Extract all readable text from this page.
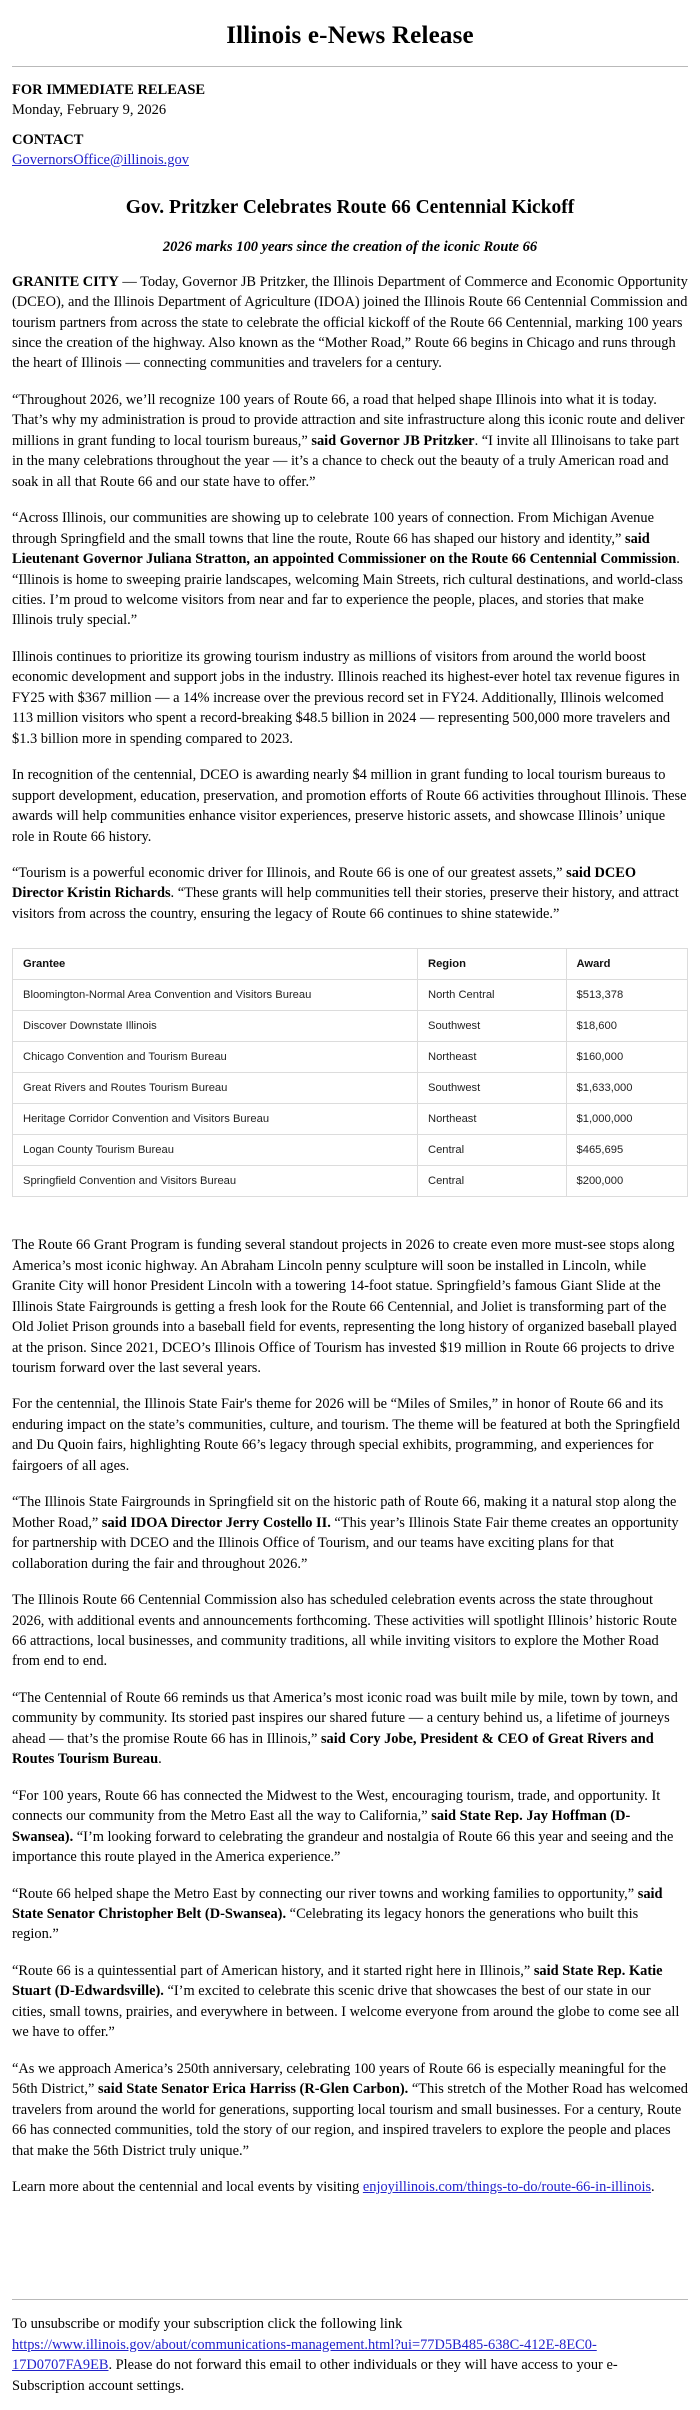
Illinois e-News Release
FOR IMMEDIATE RELEASE
Monday, February 9, 2026
CONTACT
GovernorsOffice@illinois.gov
Gov. Pritzker Celebrates Route 66 Centennial Kickoff

2026 marks 100 years since the creation of the iconic Route 66

GRANITE CITY — Today, Governor JB Pritzker, the Illinois Department of Commerce and Economic Opportunity (DCEO), and the Illinois Department of Agriculture (IDOA) joined the Illinois Route 66 Centennial Commission and tourism partners from across the state to celebrate the official kickoff of the Route 66 Centennial, marking 100 years since the creation of the highway. Also known as the “Mother Road,” Route 66 begins in Chicago and runs through the heart of Illinois — connecting communities and travelers for a century.

“Throughout 2026, we’ll recognize 100 years of Route 66, a road that helped shape Illinois into what it is today. That’s why my administration is proud to provide attraction and site infrastructure along this iconic route and deliver millions in grant funding to local tourism bureaus,” said Governor JB Pritzker. “I invite all Illinoisans to take part in the many celebrations throughout the year — it’s a chance to check out the beauty of a truly American road and soak in all that Route 66 and our state have to offer.”

“Across Illinois, our communities are showing up to celebrate 100 years of connection. From Michigan Avenue through Springfield and the small towns that line the route, Route 66 has shaped our history and identity,” said Lieutenant Governor Juliana Stratton, an appointed Commissioner on the Route 66 Centennial Commission. “Illinois is home to sweeping prairie landscapes, welcoming Main Streets, rich cultural destinations, and world-class cities. I’m proud to welcome visitors from near and far to experience the people, places, and stories that make Illinois truly special.”

Illinois continues to prioritize its growing tourism industry as millions of visitors from around the world boost economic development and support jobs in the industry. Illinois reached its highest-ever hotel tax revenue figures in FY25 with $367 million — a 14% increase over the previous record set in FY24. Additionally, Illinois welcomed 113 million visitors who spent a record-breaking $48.5 billion in 2024 — representing 500,000 more travelers and $1.3 billion more in spending compared to 2023.

In recognition of the centennial, DCEO is awarding nearly $4 million in grant funding to local tourism bureaus to support development, education, preservation, and promotion efforts of Route 66 activities throughout Illinois. These awards will help communities enhance visitor experiences, preserve historic assets, and showcase Illinois’ unique role in Route 66 history.

“Tourism is a powerful economic driver for Illinois, and Route 66 is one of our greatest assets,” said DCEO Director Kristin Richards. “These grants will help communities tell their stories, preserve their history, and attract visitors from across the country, ensuring the legacy of Route 66 continues to shine statewide.”

Grantee	Region	Award
Bloomington-Normal Area Convention and Visitors Bureau	North Central	$513,378
Discover Downstate Illinois	Southwest	$18,600
Chicago Convention and Tourism Bureau	Northeast	$160,000
Great Rivers and Routes Tourism Bureau	Southwest	$1,633,000
Heritage Corridor Convention and Visitors Bureau	Northeast	$1,000,000
Logan County Tourism Bureau	Central	$465,695
Springfield Convention and Visitors Bureau	Central	$200,000

The Route 66 Grant Program is funding several standout projects in 2026 to create even more must-see stops along America’s most iconic highway. An Abraham Lincoln penny sculpture will soon be installed in Lincoln, while Granite City will honor President Lincoln with a towering 14-foot statue. Springfield’s famous Giant Slide at the Illinois State Fairgrounds is getting a fresh look for the Route 66 Centennial, and Joliet is transforming part of the Old Joliet Prison grounds into a baseball field for events, representing the long history of organized baseball played at the prison. Since 2021, DCEO’s Illinois Office of Tourism has invested $19 million in Route 66 projects to drive tourism forward over the last several years.

For the centennial, the Illinois State Fair's theme for 2026 will be “Miles of Smiles,” in honor of Route 66 and its enduring impact on the state’s communities, culture, and tourism. The theme will be featured at both the Springfield and Du Quoin fairs, highlighting Route 66’s legacy through special exhibits, programming, and experiences for fairgoers of all ages.

“The Illinois State Fairgrounds in Springfield sit on the historic path of Route 66, making it a natural stop along the Mother Road,” said IDOA Director Jerry Costello II. “This year’s Illinois State Fair theme creates an opportunity for partnership with DCEO and the Illinois Office of Tourism, and our teams have exciting plans for that collaboration during the fair and throughout 2026.”

The Illinois Route 66 Centennial Commission also has scheduled celebration events across the state throughout 2026, with additional events and announcements forthcoming. These activities will spotlight Illinois’ historic Route 66 attractions, local businesses, and community traditions, all while inviting visitors to explore the Mother Road from end to end.

“The Centennial of Route 66 reminds us that America’s most iconic road was built mile by mile, town by town, and community by community. Its storied past inspires our shared future — a century behind us, a lifetime of journeys ahead — that’s the promise Route 66 has in Illinois,” said Cory Jobe, President & CEO of Great Rivers and Routes Tourism Bureau.

“For 100 years, Route 66 has connected the Midwest to the West, encouraging tourism, trade, and opportunity. It connects our community from the Metro East all the way to California,” said State Rep. Jay Hoffman (D-Swansea). “I’m looking forward to celebrating the grandeur and nostalgia of Route 66 this year and seeing and the importance this route played in the America experience.”

“Route 66 helped shape the Metro East by connecting our river towns and working families to opportunity,” said State Senator Christopher Belt (D-Swansea). “Celebrating its legacy honors the generations who built this region.”

“Route 66 is a quintessential part of American history, and it started right here in Illinois,” said State Rep. Katie Stuart (D-Edwardsville). “I’m excited to celebrate this scenic drive that showcases the best of our state in our cities, small towns, prairies, and everywhere in between. I welcome everyone from around the globe to come see all we have to offer.”

“As we approach America’s 250th anniversary, celebrating 100 years of Route 66 is especially meaningful for the 56th District,” said State Senator Erica Harriss (R-Glen Carbon). “This stretch of the Mother Road has welcomed travelers from around the world for generations, supporting local tourism and small businesses. For a century, Route 66 has connected communities, told the story of our region, and inspired travelers to explore the people and places that make the 56th District truly unique.”

Learn more about the centennial and local events by visiting enjoyillinois.com/things-to-do/route-66-in-illinois.

To unsubscribe or modify your subscription click the following link
https://www.illinois.gov/about/communications-management.html?ui=77D5B485-638C-412E-8EC0-17D0707FA9EB. Please do not forward this email to other individuals or they will have access to your e-Subscription account settings.
